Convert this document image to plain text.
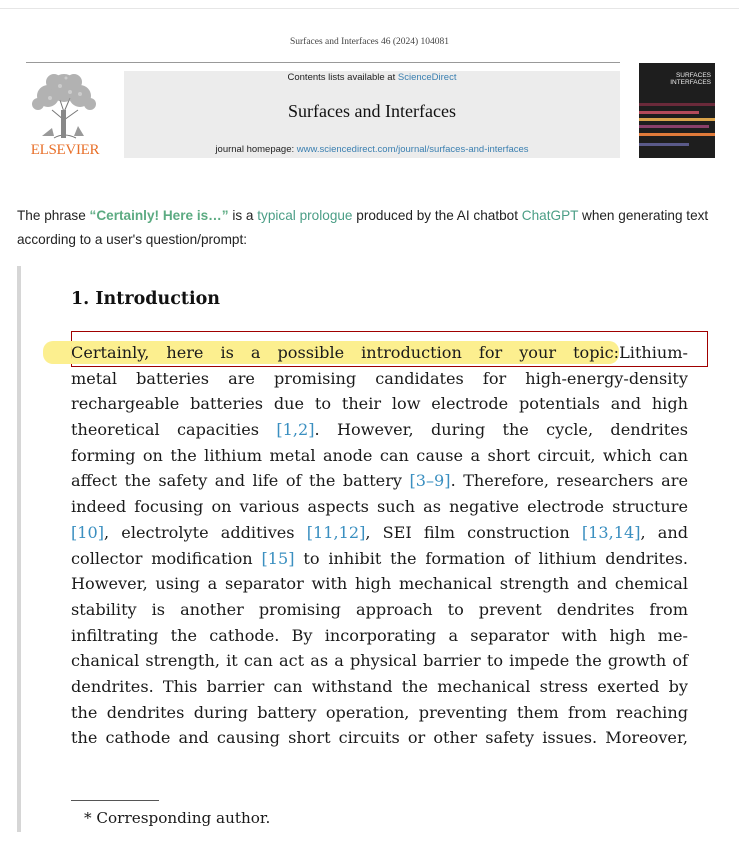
Surfaces and Interfaces 46 (2024) 104081
ELSEVIER
Contents lists available at ScienceDirect
Surfaces and Interfaces
journal homepage: www.sciencedirect.com/journal/surfaces-and-interfaces
SURFACES
INTERFACES
The phrase “Certainly! Here is…” is a typical prologue produced by the AI chatbot ChatGPT when generating text according to a user's question/prompt:
1. Introduction
Certainly, here is a possible introduction for your topic:Lithium-
metal batteries are promising candidates for high-energy-density
rechargeable batteries due to their low electrode potentials and high
theoretical capacities [1,2]. However, during the cycle, dendrites
forming on the lithium metal anode can cause a short circuit, which can
affect the safety and life of the battery [3–9]. Therefore, researchers are
indeed focusing on various aspects such as negative electrode structure
[10], electrolyte additives [11,12], SEI film construction [13,14], and
collector modification [15] to inhibit the formation of lithium dendrites.
However, using a separator with high mechanical strength and chemical
stability is another promising approach to prevent dendrites from
infiltrating the cathode. By incorporating a separator with high me-
chanical strength, it can act as a physical barrier to impede the growth of
dendrites. This barrier can withstand the mechanical stress exerted by
the dendrites during battery operation, preventing them from reaching
the cathode and causing short circuits or other safety issues. Moreover,
* Corresponding author.
